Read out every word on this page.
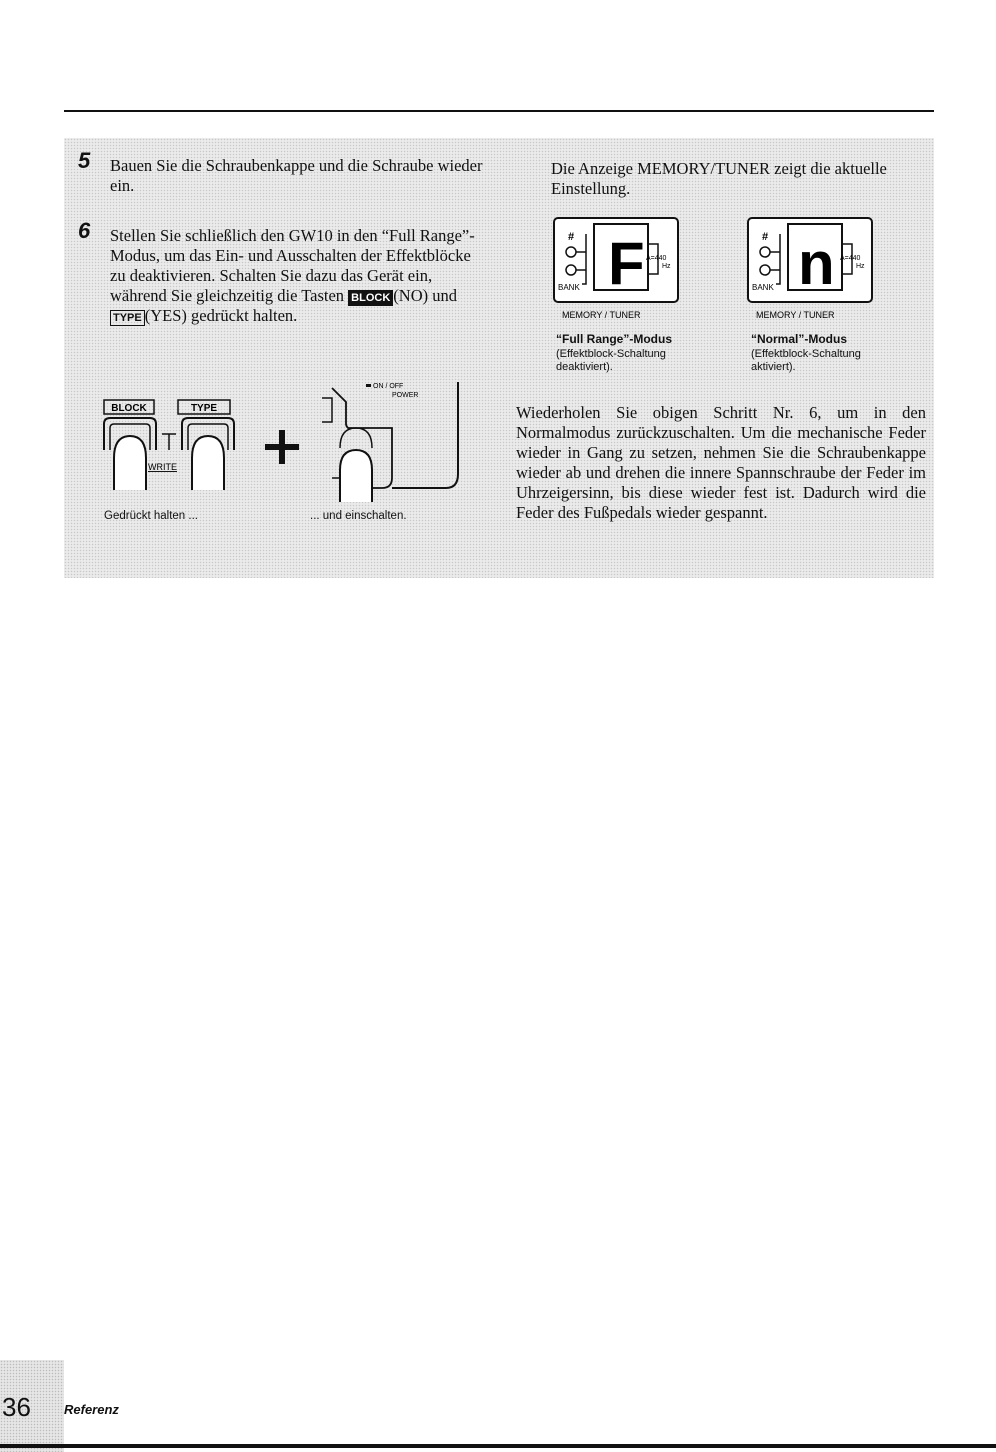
5 Bauen Sie die Schraubenkappe und die Schraube wieder ein.
6 Stellen Sie schließlich den GW10 in den “Full Range”-Modus, um das Ein- und Ausschalten der Effektblöcke zu deaktivieren. Schalten Sie dazu das Gerät ein, während Sie gleichzeitig die Tasten BLOCK (NO) und TYPE (YES) gedrückt halten.
BLOCK	TYPE
WRITE
ON / OFF
POWER
Gedrückt halten ...	... und einschalten.
Die Anzeige MEMORY/TUNER zeigt die aktuelle Einstellung.
#
BANK F A=440
Hz
MEMORY / TUNER
“Full Range”-Modus
(Effektblock-Schaltung deaktiviert).
#
BANK n A=440
Hz
MEMORY / TUNER
“Normal”-Modus
(Effektblock-Schaltung aktiviert).
Wiederholen Sie obigen Schritt Nr. 6, um in den Normalmodus zurückzuschalten. Um die mechanische Feder wieder in Gang zu setzen, nehmen Sie die Schraubenkappe wieder ab und drehen die innere Spannschraube der Feder im Uhrzeigersinn, bis diese wieder fest ist. Dadurch wird die Feder des Fußpedals wieder gespannt.
36	Referenz
